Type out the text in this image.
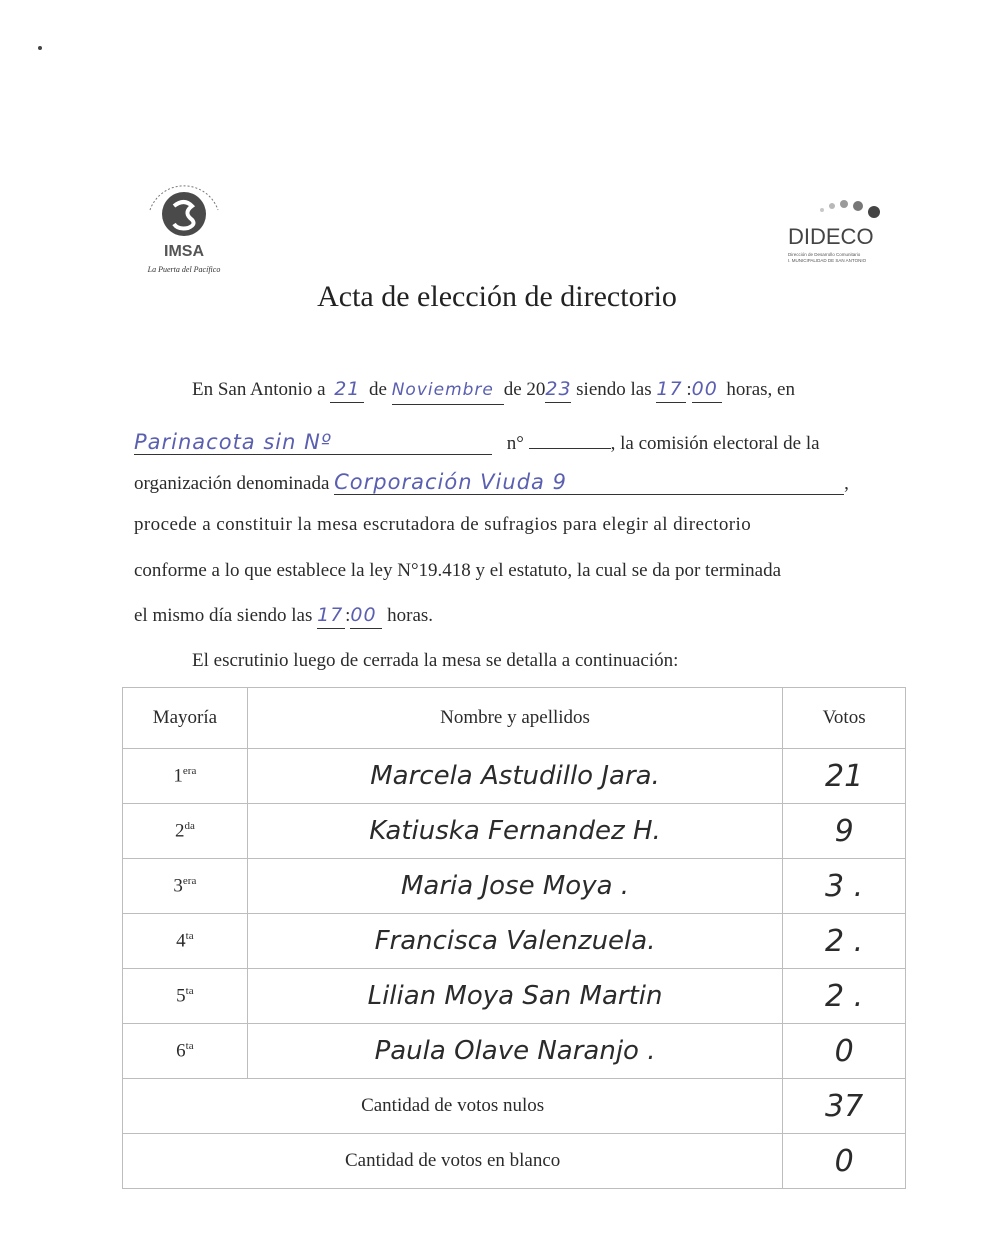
IMSA
La Puerta del Pacífico
DIDECO
Dirección de Desarrollo Comunitario
I. MUNICIPALIDAD DE SAN ANTONIO
Acta de elección de directorio
En San Antonio a 21 de Noviembre de 2023 siendo las 17 :00 horas, en
Parinacota sin Nº	n°	, la comisión electoral de la
organización denominada Corporación Viuda 9	,
procede a constituir la mesa escrutadora de sufragios para elegir al directorio
conforme a lo que establece la ley N°19.418 y el estatuto, la cual se da por terminada
el mismo día siendo las 17:00 horas.
El escrutinio luego de cerrada la mesa se detalla a continuación:
Mayoría	Nombre y apellidos	Votos
$1^{era}$	Marcela Astudillo Jara.	21
$2^{da}$	Katiuska Fernandez H.	9
$3^{era}$	Maria Jose Moya .	3 .
$4^{ta}$	Francisca Valenzuela.	2 .
$5^{ta}$	Lilian Moya San Martin	2 .
$6^{ta}$	Paula Olave Naranjo .	0
Cantidad de votos nulos		37
Cantidad de votos en blanco		0
